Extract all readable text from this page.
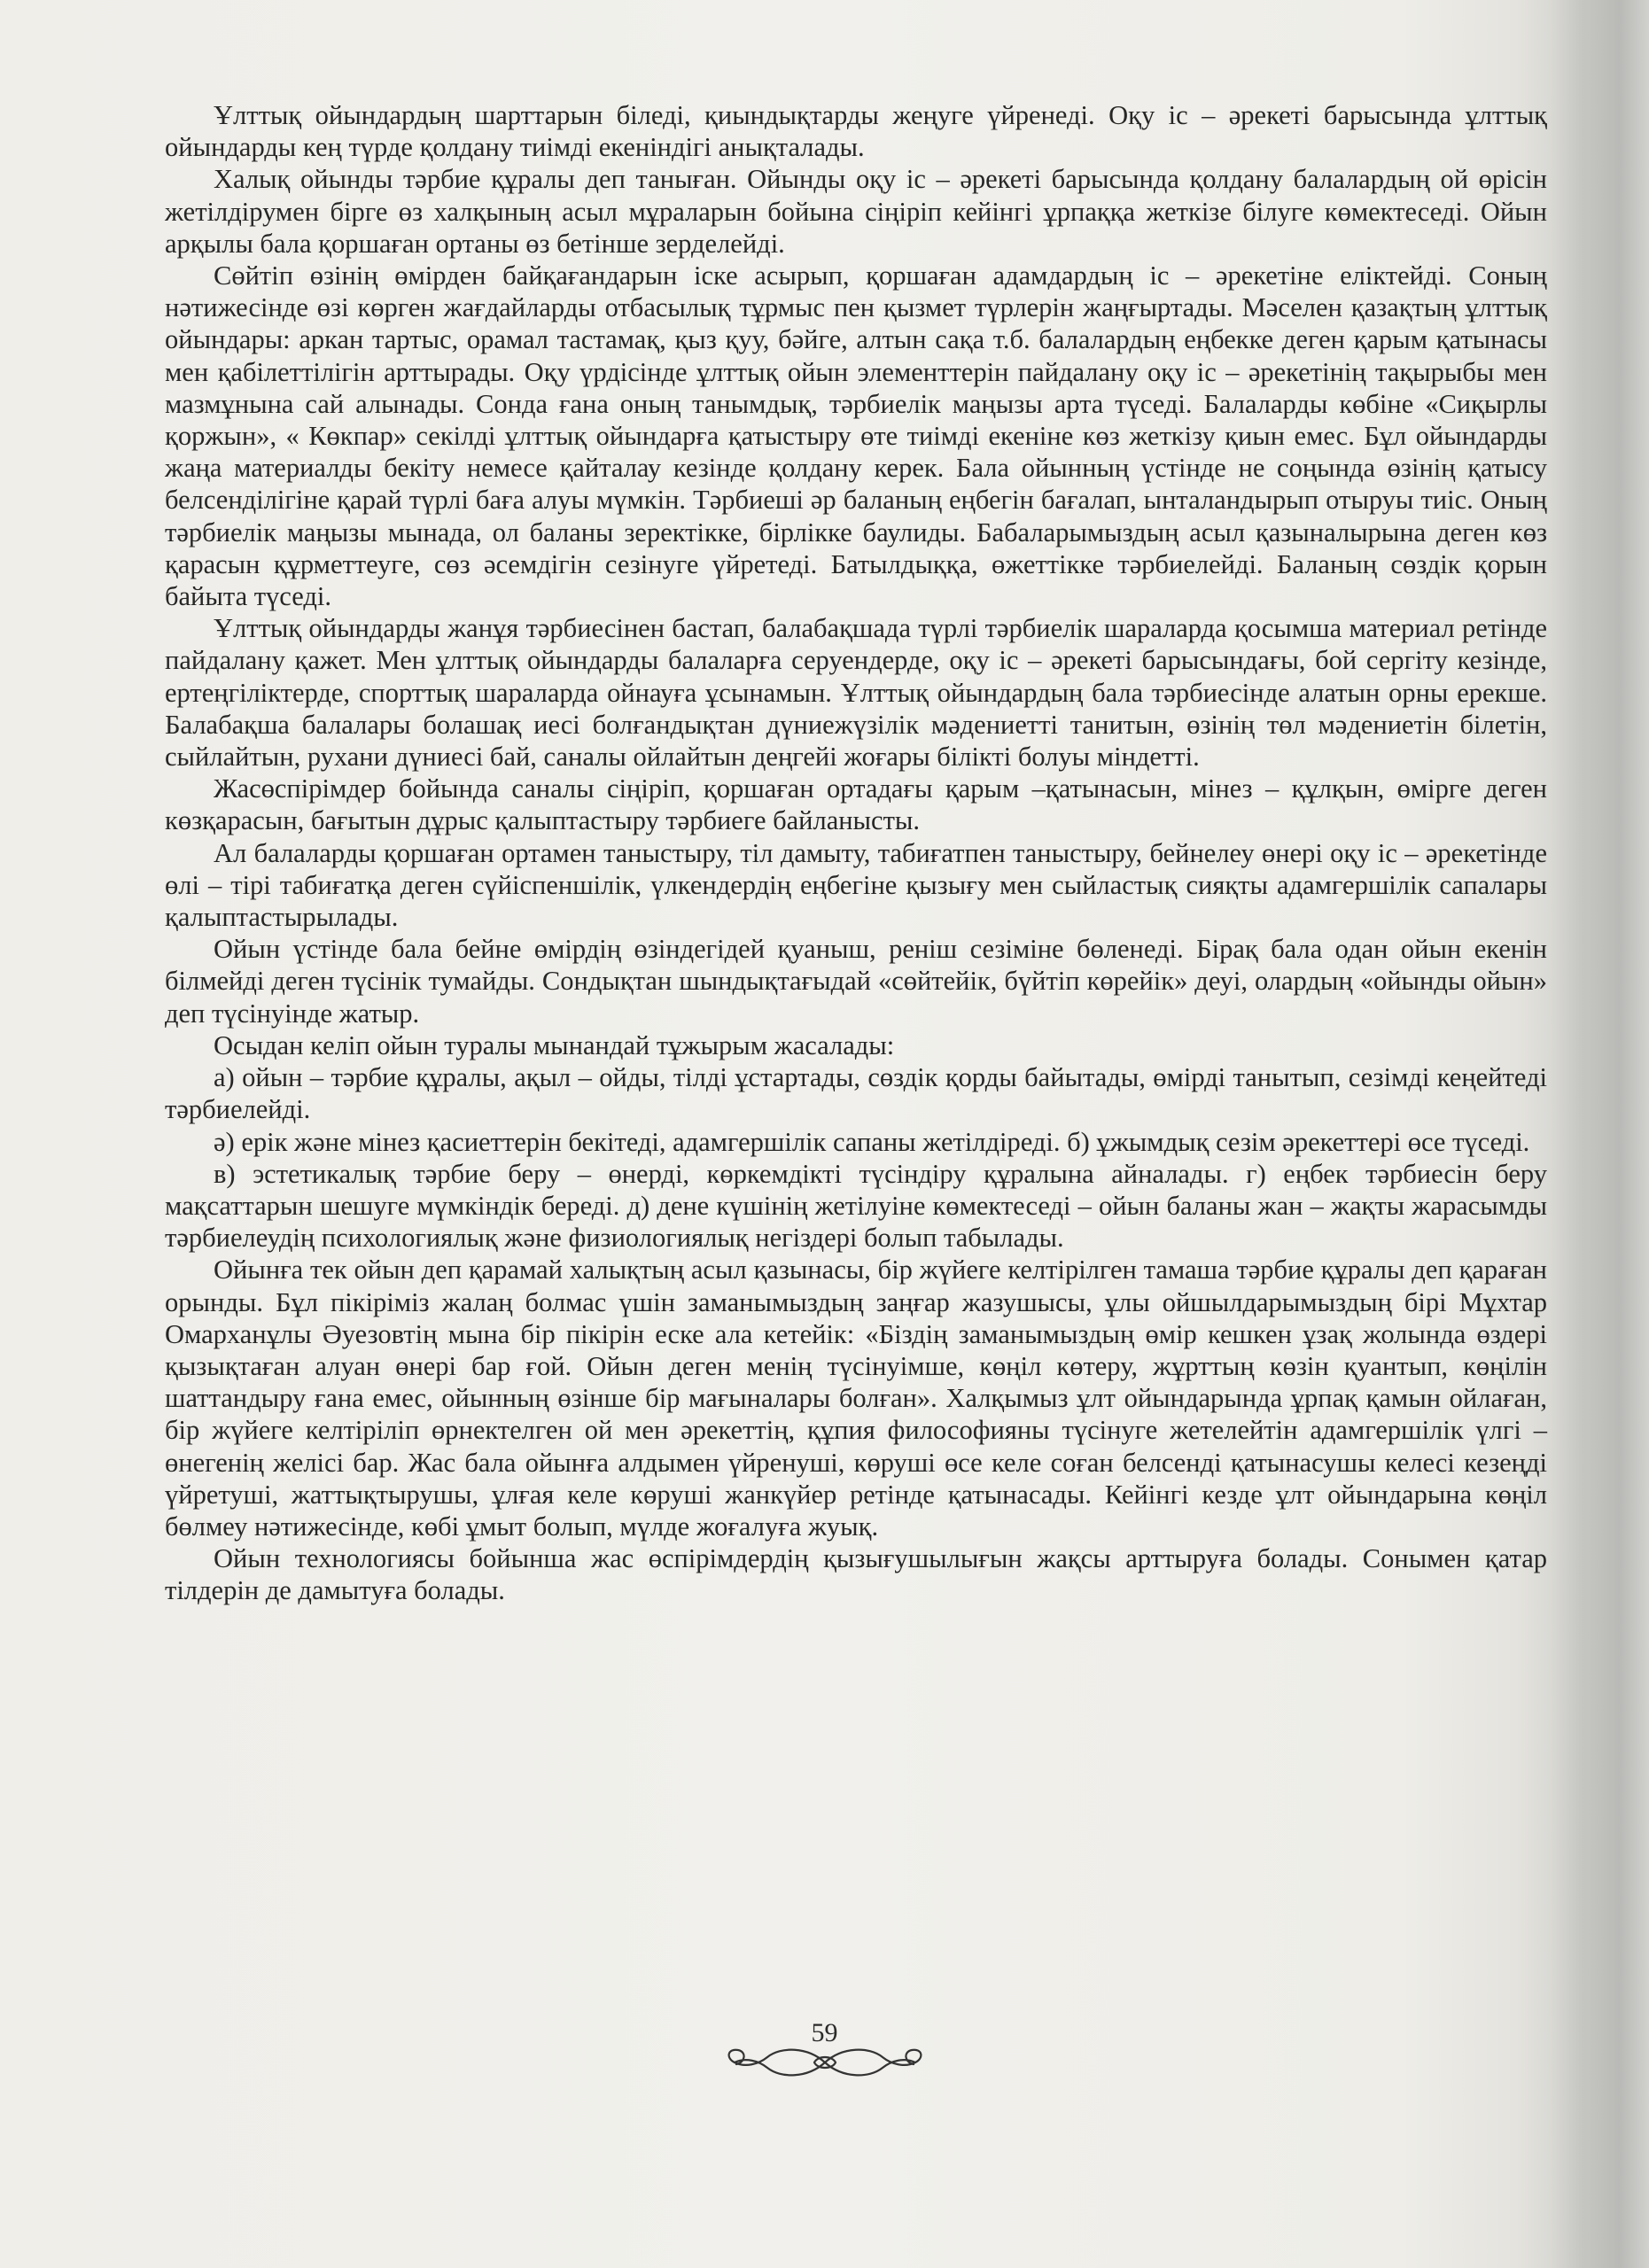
Ұлттық ойындардың шарттарын біледі, қиындықтарды жеңуге үйренеді. Оқу іс – әрекеті барысында ұлттық ойындарды кең түрде қолдану тиімді екеніндігі анықталады.

Халық ойынды тәрбие құралы деп таныған. Ойынды оқу іс – әрекеті барысында қолдану балалардың ой өрісін жетілдірумен бірге өз халқының асыл мұраларын бойына сіңіріп кейінгі ұрпаққа жеткізе білуге көмектеседі. Ойын арқылы бала қоршаған ортаны өз бетінше зерделейді.

Сөйтіп өзінің өмірден байқағандарын іске асырып, қоршаған адамдардың іс – әрекетіне еліктейді. Соның нәтижесінде өзі көрген жағдайларды отбасылық тұрмыс пен қызмет түрлерін жаңғыртады. Мәселен қазақтың ұлттық ойындары: аркан тартыс, орамал тастамақ, қыз қуу, бәйге, алтын сақа т.б. балалардың еңбекке деген қарым қатынасы мен қабілеттілігін арттырады. Оқу үрдісінде ұлттық ойын элементтерін пайдалану оқу іс – әрекетінің тақырыбы мен мазмұнына сай алынады. Сонда ғана оның танымдық, тәрбиелік маңызы арта түседі. Балаларды көбіне «Сиқырлы қоржын», « Көкпар» секілді ұлттық ойындарға қатыстыру өте тиімді екеніне көз жеткізу қиын емес. Бұл ойындарды жаңа материалды бекіту немесе қайталау кезінде қолдану керек. Бала ойынның үстінде не соңында өзінің қатысу белсенділігіне қарай түрлі баға алуы мүмкін. Тәрбиеші әр баланың еңбегін бағалап, ынталандырып отыруы тиіс. Оның тәрбиелік маңызы мынада, ол баланы зеректікке, бірлікке баулиды. Бабаларымыздың асыл қазыналырына деген көз қарасын құрметтеуге, сөз әсемдігін сезінуге үйретеді. Батылдыққа, өжеттікке тәрбиелейді. Баланың сөздік қорын байыта түседі.

Ұлттық ойындарды жанұя тәрбиесінен бастап, балабақшада түрлі тәрбиелік шараларда қосымша материал ретінде пайдалану қажет. Мен ұлттық ойындарды балаларға серуендерде, оқу іс – әрекеті барысындағы, бой сергіту кезінде, ертеңгіліктерде, спорттық шараларда ойнауға ұсынамын. Ұлттық ойындардың бала тәрбиесінде алатын орны ерекше. Балабақша балалары болашақ иесі болғандықтан дүниежүзілік мәдениетті танитын, өзінің төл мәдениетін білетін, сыйлайтын, рухани дүниесі бай, саналы ойлайтын деңгейі жоғары білікті болуы міндетті.

Жасөспірімдер бойында саналы сіңіріп, қоршаған ортадағы қарым –қатынасын, мінез – құлқын, өмірге деген көзқарасын, бағытын дұрыс қалыптастыру тәрбиеге байланысты.

Ал балаларды қоршаған ортамен таныстыру, тіл дамыту, табиғатпен таныстыру, бейнелеу өнері оқу іс – әрекетінде өлі – тірі табиғатқа деген сүйіспеншілік, үлкендердің еңбегіне қызығу мен сыйластық сияқты адамгершілік сапалары қалыптастырылады.

Ойын үстінде бала бейне өмірдің өзіндегідей қуаныш, реніш сезіміне бөленеді. Бірақ бала одан ойын екенін білмейді деген түсінік тумайды. Сондықтан шындықтағыдай «сөйтейік, бүйтіп көрейік» деуі, олардың «ойынды ойын» деп түсінуінде жатыр.

Осыдан келіп ойын туралы мынандай тұжырым жасалады:

а) ойын – тәрбие құралы, ақыл – ойды, тілді ұстартады, сөздік қорды байытады, өмірді танытып, сезімді кеңейтеді тәрбиелейді.

ә) ерік және мінез қасиеттерін бекітеді, адамгершілік сапаны жетілдіреді. б) ұжымдық сезім әрекеттері өсе түседі.

в) эстетикалық тәрбие беру – өнерді, көркемдікті түсіндіру құралына айналады. г) еңбек тәрбиесін беру мақсаттарын шешуге мүмкіндік береді. д) дене күшінің жетілуіне көмектеседі – ойын баланы жан – жақты жарасымды тәрбиелеудің психологиялық және физиологиялық негіздері болып табылады.

Ойынға тек ойын деп қарамай халықтың асыл қазынасы, бір жүйеге келтірілген тамаша тәрбие құралы деп қараған орынды. Бұл пікіріміз жалаң болмас үшін заманымыздың заңғар жазушысы, ұлы ойшылдарымыздың бірі Мұхтар Омарханұлы Әуезовтің мына бір пікірін еске ала кетейік: «Біздің заманымыздың өмір кешкен ұзақ жолында өздері қызықтаған алуан өнері бар ғой. Ойын деген менің түсінуімше, көңіл көтеру, жұрттың көзін қуантып, көңілін шаттандыру ғана емес, ойынның өзінше бір мағыналары болған». Халқымыз ұлт ойындарында ұрпақ қамын ойлаған, бір жүйеге келтіріліп өрнектелген ой мен әрекеттің, құпия философияны түсінуге жетелейтін адамгершілік үлгі – өнегенің желісі бар. Жас бала ойынға алдымен үйренуші, көруші өсе келе соған белсенді қатынасушы келесі кезеңді үйретуші, жаттықтырушы, ұлғая келе көруші жанкүйер ретінде қатынасады. Кейінгі кезде ұлт ойындарына көңіл бөлмеу нәтижесінде, көбі ұмыт болып, мүлде жоғалуға жуық.

Ойын технологиясы бойынша жас өспірімдердің қызығушылығын жақсы арттыруға болады. Сонымен қатар тілдерін де дамытуға болады.

59
